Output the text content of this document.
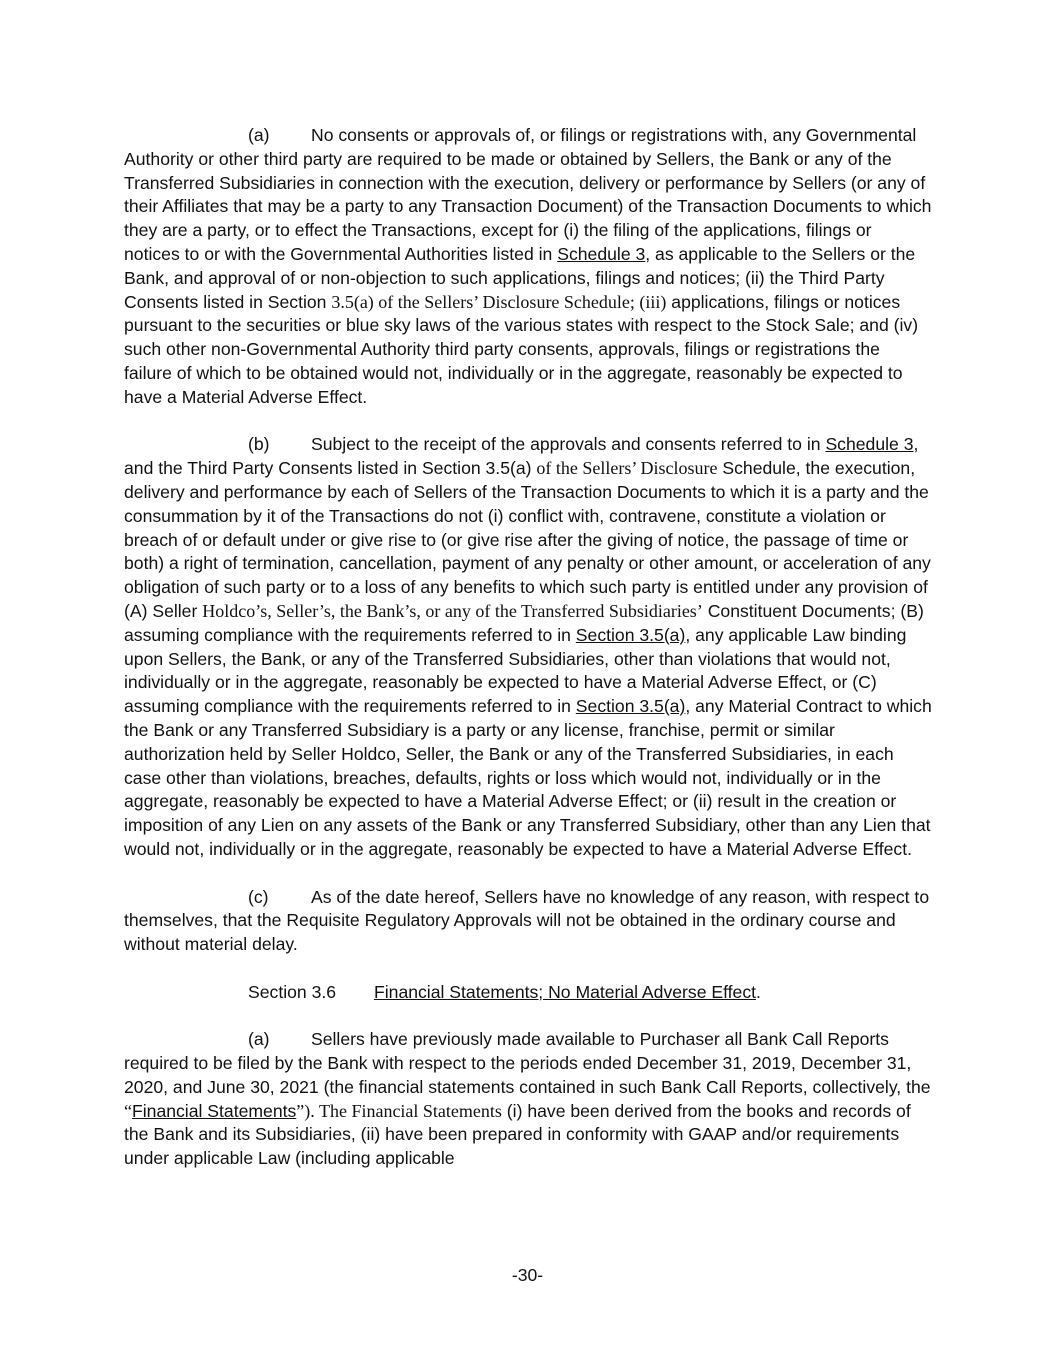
(a) No consents or approvals of, or filings or registrations with, any Governmental Authority or other third party are required to be made or obtained by Sellers, the Bank or any of the Transferred Subsidiaries in connection with the execution, delivery or performance by Sellers (or any of their Affiliates that may be a party to any Transaction Document) of the Transaction Documents to which they are a party, or to effect the Transactions, except for (i) the filing of the applications, filings or notices to or with the Governmental Authorities listed in Schedule 3, as applicable to the Sellers or the Bank, and approval of or non-objection to such applications, filings and notices; (ii) the Third Party Consents listed in Section 3.5(a) of the Sellers’ Disclosure Schedule; (iii) applications, filings or notices pursuant to the securities or blue sky laws of the various states with respect to the Stock Sale; and (iv) such other non-Governmental Authority third party consents, approvals, filings or registrations the failure of which to be obtained would not, individually or in the aggregate, reasonably be expected to have a Material Adverse Effect.

(b) Subject to the receipt of the approvals and consents referred to in Schedule 3, and the Third Party Consents listed in Section 3.5(a) of the Sellers’ Disclosure Schedule, the execution, delivery and performance by each of Sellers of the Transaction Documents to which it is a party and the consummation by it of the Transactions do not (i) conflict with, contravene, constitute a violation or breach of or default under or give rise to (or give rise after the giving of notice, the passage of time or both) a right of termination, cancellation, payment of any penalty or other amount, or acceleration of any obligation of such party or to a loss of any benefits to which such party is entitled under any provision of (A) Seller Holdco’s, Seller’s, the Bank’s, or any of the Transferred Subsidiaries’ Constituent Documents; (B) assuming compliance with the requirements referred to in Section 3.5(a), any applicable Law binding upon Sellers, the Bank, or any of the Transferred Subsidiaries, other than violations that would not, individually or in the aggregate, reasonably be expected to have a Material Adverse Effect, or (C) assuming compliance with the requirements referred to in Section 3.5(a), any Material Contract to which the Bank or any Transferred Subsidiary is a party or any license, franchise, permit or similar authorization held by Seller Holdco, Seller, the Bank or any of the Transferred Subsidiaries, in each case other than violations, breaches, defaults, rights or loss which would not, individually or in the aggregate, reasonably be expected to have a Material Adverse Effect; or (ii) result in the creation or imposition of any Lien on any assets of the Bank or any Transferred Subsidiary, other than any Lien that would not, individually or in the aggregate, reasonably be expected to have a Material Adverse Effect.

(c) As of the date hereof, Sellers have no knowledge of any reason, with respect to themselves, that the Requisite Regulatory Approvals will not be obtained in the ordinary course and without material delay.

Section 3.6 Financial Statements; No Material Adverse Effect.

(a) Sellers have previously made available to Purchaser all Bank Call Reports required to be filed by the Bank with respect to the periods ended December 31, 2019, December 31, 2020, and June 30, 2021 (the financial statements contained in such Bank Call Reports, collectively, the “Financial Statements”). The Financial Statements (i) have been derived from the books and records of the Bank and its Subsidiaries, (ii) have been prepared in conformity with GAAP and/or requirements under applicable Law (including applicable

-30-
